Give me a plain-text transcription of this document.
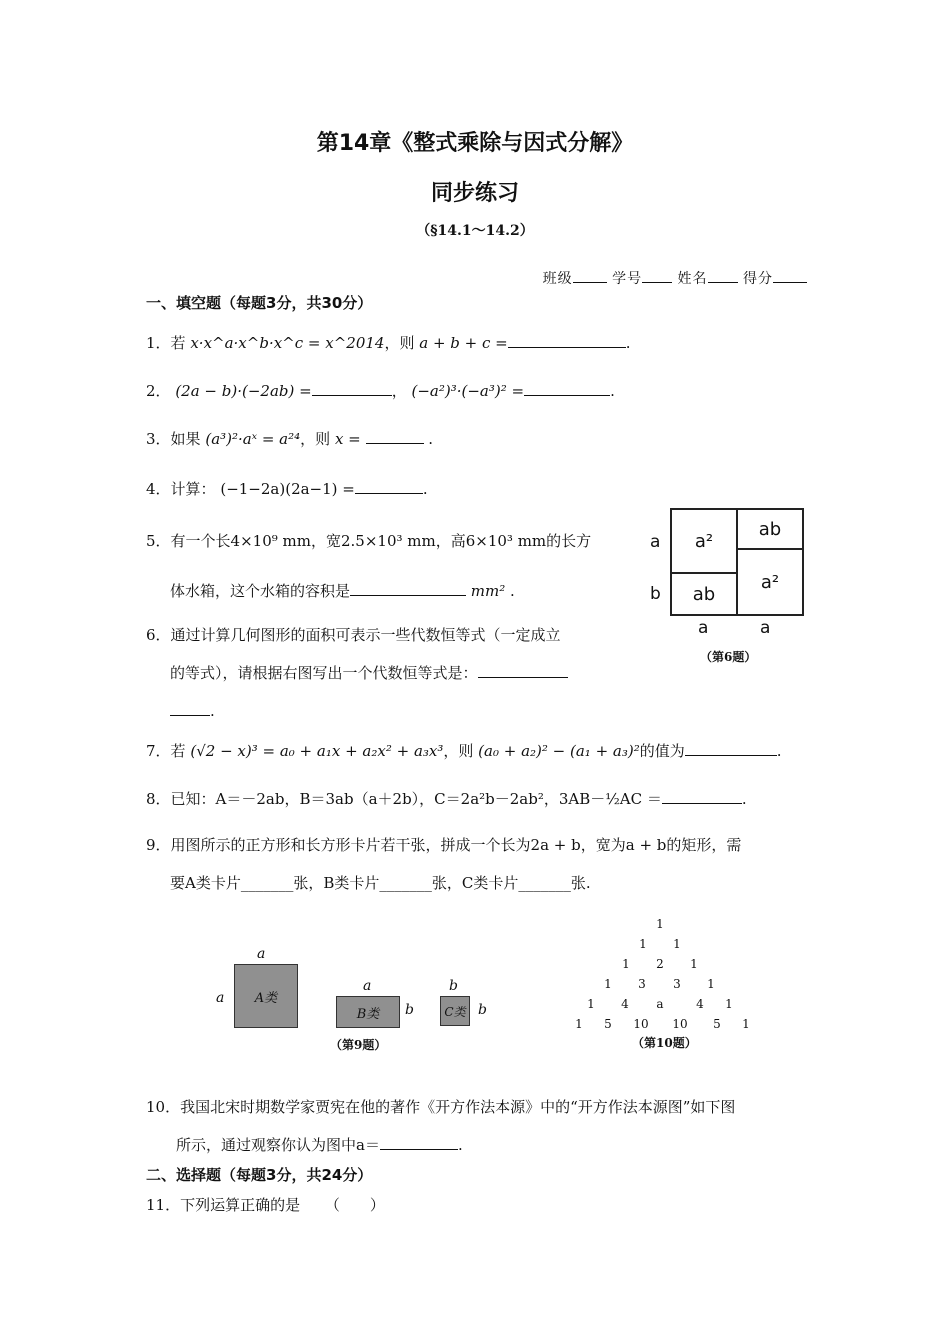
第14章《整式乘除与因式分解》
同步练习
（§14.1～14.2）
班级	学号	姓名	得分
一、填空题（每题3分，共30分）
1．若 x·x^a·x^b·x^c = x^2014，则 a + b + c =	.
2． (2a − b)·(−2ab) =	， (−a²)³·(−a³)² =	.
3．如果 (a³)²·aˣ = a²⁴，则 x =	.
4．计算： (−1−2a)(2a−1) =	.
5．有一个长4×10⁹ mm，宽2.5×10³ mm，高6×10³ mm的长方
体水箱，这个水箱的容积是	mm² .
6．通过计算几何图形的面积可表示一些代数恒等式（一定成立
的等式），请根据右图写出一个代数恒等式是：
.
a²
ab
ab
a²
a
b
a	a
（第6题）
7．若 (√2 − x)³ = a₀ + a₁x + a₂x² + a₃x³，则 (a₀ + a₂)² − (a₁ + a₃)²的值为	.
8．已知：A＝－2ab，B＝3ab（a＋2b），C＝2a²b－2ab²，3AB－½AC ＝	.
9．用图所示的正方形和长方形卡片若干张，拼成一个长为2a + b，宽为a + b的矩形，需
要A类卡片_______张，B类卡片_______张，C类卡片_______张.
a
a	A类
a
B类	b
b
C类 b
（第9题）
1
1 1
1 2 1
1 3 3 1
1 4 a	4 1
1 5 10 10 5 1
（第10题）
10．我国北宋时期数学家贾宪在他的著作《开方作法本源》中的“开方作法本源图”如下图
所示，通过观察你认为图中a＝	.
二、选择题（每题3分，共24分）
11．下列运算正确的是 （　　）
